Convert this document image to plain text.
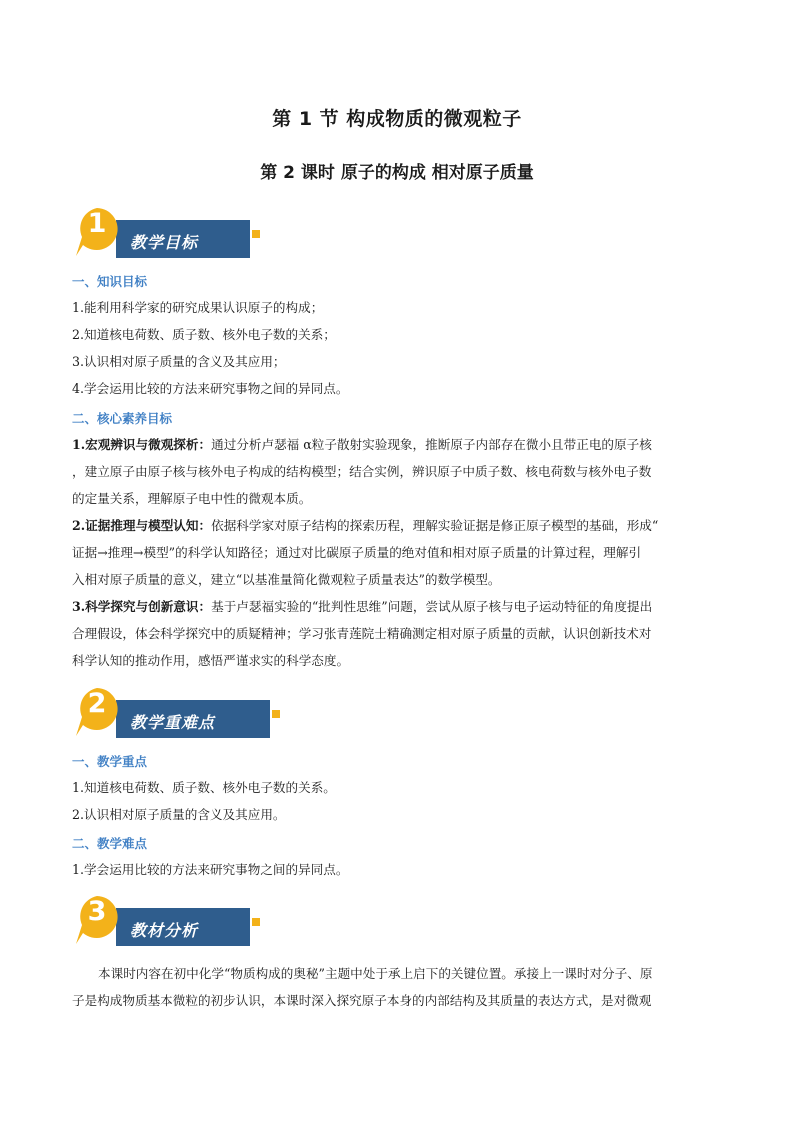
第 1 节 构成物质的微观粒子
第 2 课时 原子的构成 相对原子质量
1
教学目标
一、知识目标
1.能利用科学家的研究成果认识原子的构成；
2.知道核电荷数、质子数、核外电子数的关系；
3.认识相对原子质量的含义及其应用；
4.学会运用比较的方法来研究事物之间的异同点。
二、核心素养目标
1.宏观辨识与微观探析：通过分析卢瑟福 α粒子散射实验现象，推断原子内部存在微小且带正电的原子核
，建立原子由原子核与核外电子构成的结构模型；结合实例，辨识原子中质子数、核电荷数与核外电子数
的定量关系，理解原子电中性的微观本质。
2.证据推理与模型认知：依据科学家对原子结构的探索历程，理解实验证据是修正原子模型的基础，形成“
证据→推理→模型”的科学认知路径；通过对比碳原子质量的绝对值和相对原子质量的计算过程，理解引
入相对原子质量的意义，建立“以基准量简化微观粒子质量表达”的数学模型。
3.科学探究与创新意识：基于卢瑟福实验的“批判性思维”问题，尝试从原子核与电子运动特征的角度提出
合理假设，体会科学探究中的质疑精神；学习张青莲院士精确测定相对原子质量的贡献，认识创新技术对
科学认知的推动作用，感悟严谨求实的科学态度。
2
教学重难点
一、教学重点
1.知道核电荷数、质子数、核外电子数的关系。
2.认识相对原子质量的含义及其应用。
二、教学难点
1.学会运用比较的方法来研究事物之间的异同点。
3
教材分析
本课时内容在初中化学“物质构成的奥秘”主题中处于承上启下的关键位置。承接上一课时对分子、原
子是构成物质基本微粒的初步认识，本课时深入探究原子本身的内部结构及其质量的表达方式，是对微观
